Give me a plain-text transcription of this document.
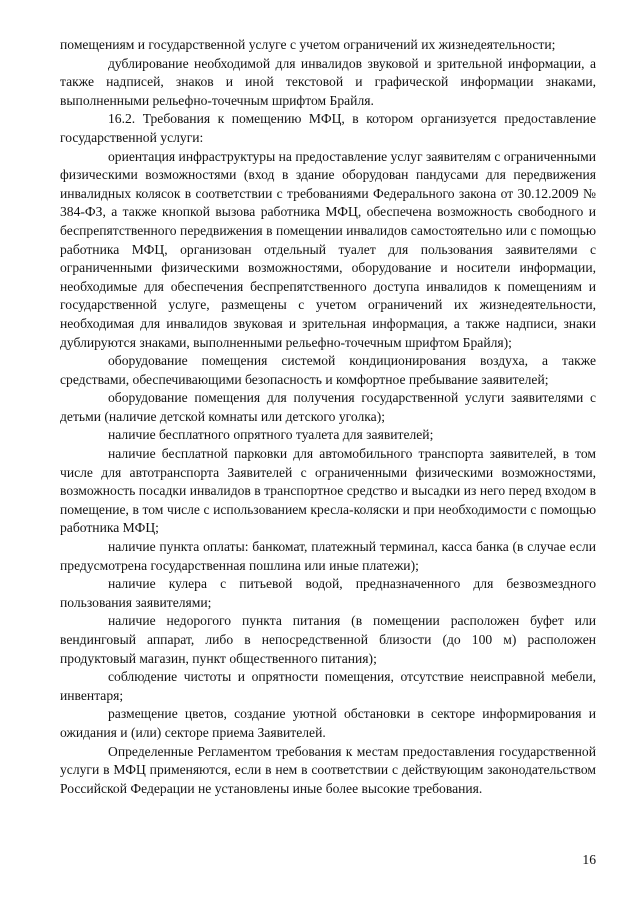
помещениям и государственной услуге с учетом ограничений их жизнедеятельности;

дублирование необходимой для инвалидов звуковой и зрительной информации, а также надписей, знаков и иной текстовой и графической информации знаками, выполненными рельефно-точечным шрифтом Брайля.

16.2. Требования к помещению МФЦ, в котором организуется предоставление государственной услуги:

ориентация инфраструктуры на предоставление услуг заявителям с ограниченными физическими возможностями (вход в здание оборудован пандусами для передвижения инвалидных колясок в соответствии с требованиями Федерального закона от 30.12.2009 № 384-ФЗ, а также кнопкой вызова работника МФЦ, обеспечена возможность свободного и беспрепятственного передвижения в помещении инвалидов самостоятельно или с помощью работника МФЦ, организован отдельный туалет для пользования заявителями с ограниченными физическими возможностями, оборудование и носители информации, необходимые для обеспечения беспрепятственного доступа инвалидов к помещениям и государственной услуге, размещены с учетом ограничений их жизнедеятельности, необходимая для инвалидов звуковая и зрительная информация, а также надписи, знаки дублируются знаками, выполненными рельефно-точечным шрифтом Брайля);

оборудование помещения системой кондиционирования воздуха, а также средствами, обеспечивающими безопасность и комфортное пребывание заявителей;

оборудование помещения для получения государственной услуги заявителями с детьми (наличие детской комнаты или детского уголка);

наличие бесплатного опрятного туалета для заявителей;

наличие бесплатной парковки для автомобильного транспорта заявителей, в том числе для автотранспорта Заявителей с ограниченными физическими возможностями, возможность посадки инвалидов в транспортное средство и высадки из него перед входом в помещение, в том числе с использованием кресла-коляски и при необходимости с помощью работника МФЦ;

наличие пункта оплаты: банкомат, платежный терминал, касса банка (в случае если предусмотрена государственная пошлина или иные платежи);

наличие кулера с питьевой водой, предназначенного для безвозмездного пользования заявителями;

наличие недорогого пункта питания (в помещении расположен буфет или вендинговый аппарат, либо в непосредственной близости (до 100 м) расположен продуктовый магазин, пункт общественного питания);

соблюдение чистоты и опрятности помещения, отсутствие неисправной мебели, инвентаря;

размещение цветов, создание уютной обстановки в секторе информирования и ожидания и (или) секторе приема Заявителей.

Определенные Регламентом требования к местам предоставления государственной услуги в МФЦ применяются, если в нем в соответствии с действующим законодательством Российской Федерации не установлены иные более высокие требования.

16
